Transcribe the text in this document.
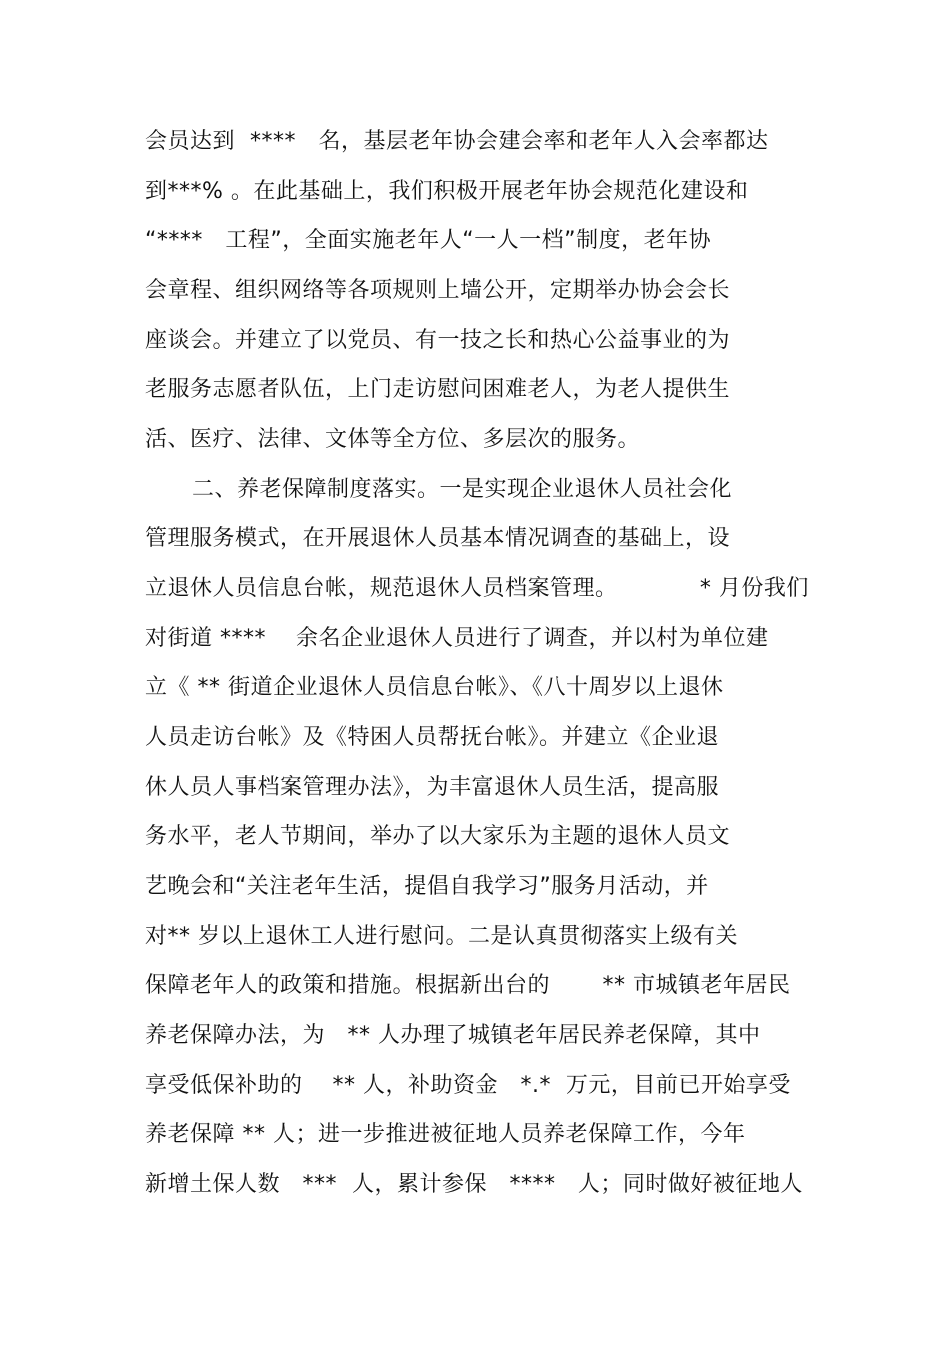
会员达到  ****   名，基层老年协会建会率和老年人入会率都达
到***% 。在此基础上，我们积极开展老年协会规范化建设和
“****   工程”，全面实施老年人“一人一档”制度，老年协
会章程、组织网络等各项规则上墙公开，定期举办协会会长
座谈会。并建立了以党员、有一技之长和热心公益事业的为
老服务志愿者队伍，上门走访慰问困难老人，为老人提供生
活、医疗、法律、文体等全方位、多层次的服务。
二、养老保障制度落实。一是实现企业退休人员社会化
管理服务模式，在开展退休人员基本情况调查的基础上，设
立退休人员信息台帐，规范退休人员档案管理。           * 月份我们
对街道 ****    余名企业退休人员进行了调查，并以村为单位建
立《 ** 街道企业退休人员信息台帐》、《八十周岁以上退休
人员走访台帐》及《特困人员帮抚台帐》。并建立《企业退
休人员人事档案管理办法》，为丰富退休人员生活，提高服
务水平，老人节期间，举办了以大家乐为主题的退休人员文
艺晚会和“关注老年生活，提倡自我学习”服务月活动，并
对** 岁以上退休工人进行慰问。二是认真贯彻落实上级有关
保障老年人的政策和措施。根据新出台的       ** 市城镇老年居民
养老保障办法，为   ** 人办理了城镇老年居民养老保障，其中
享受低保补助的    ** 人，补助资金   *.*  万元，目前已开始享受
养老保障 ** 人；进一步推进被征地人员养老保障工作，今年
新增土保人数   ***  人，累计参保   ****   人；同时做好被征地人
